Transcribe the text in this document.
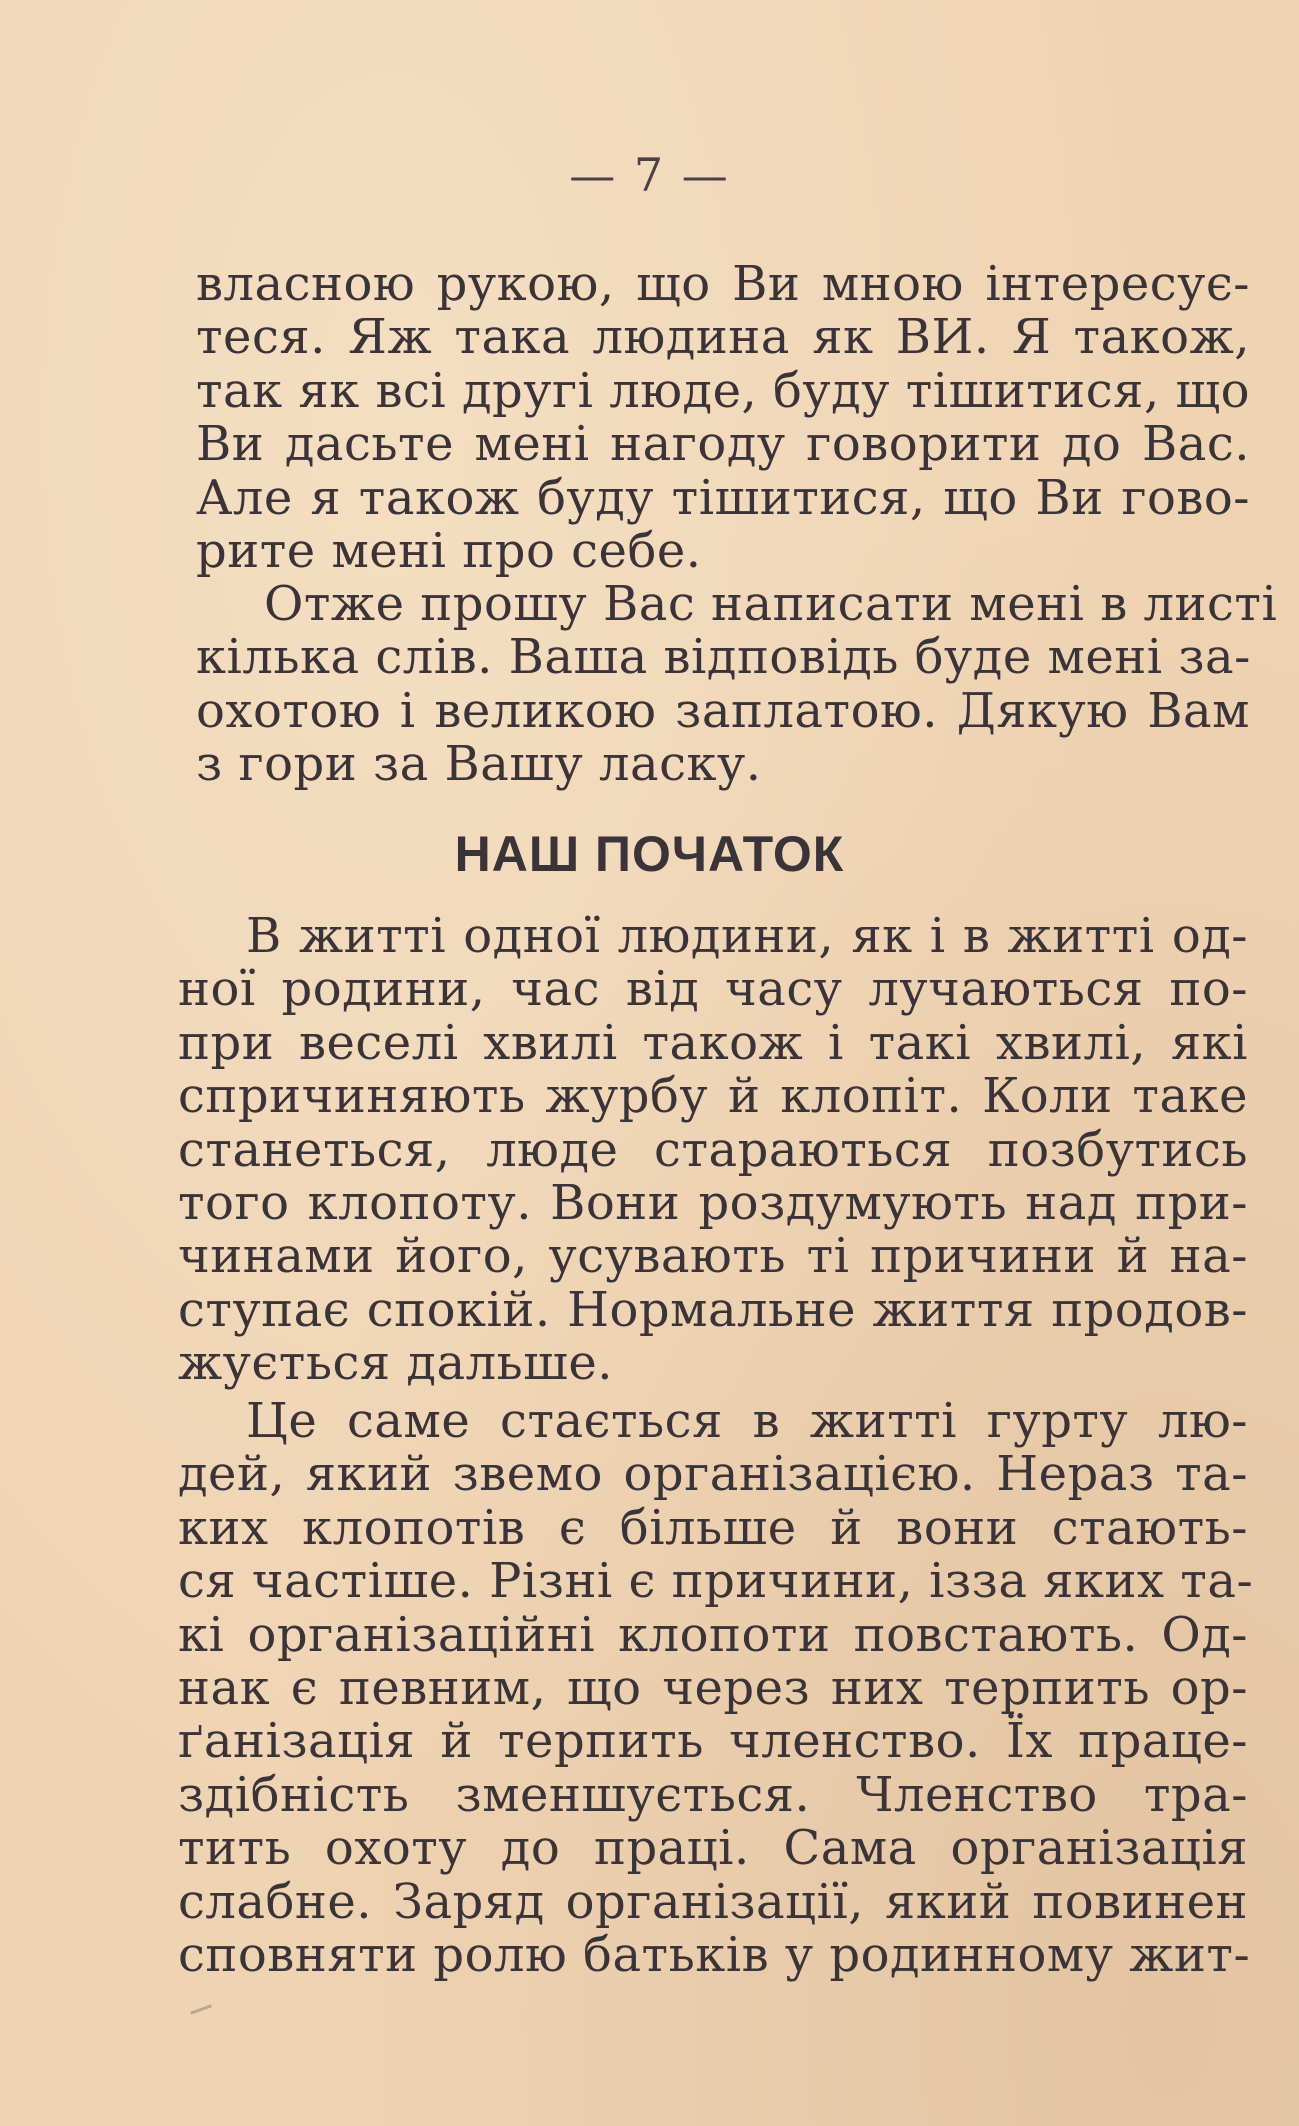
— 7 —
власною рукою, що Ви мною інтересує-
теся. Яж така людина як ВИ. Я також,
так як всі другі люде, буду тішитися, що
Ви дасьте мені нагоду говорити до Вас.
Але я також буду тішитися, що Ви гово-
рите мені про себе.
Отже прошу Вас написати мені в листі
кілька слів. Ваша відповідь буде мені за-
охотою і великою заплатою. Дякую Вам
з гори за Вашу ласку.
НАШ ПОЧАТОК
В житті одної людини, як і в житті од-
ної родини, час від часу лучаються по-
при веселі хвилі також і такі хвилі, які
спричиняють журбу й клопіт. Коли таке
станеться, люде стараються позбутись
того клопоту. Вони роздумують над при-
чинами його, усувають ті причини й на-
ступає спокій. Нормальне життя продов-
жується дальше.
Це саме стається в житті гурту лю-
дей, який звемо організацією. Нераз та-
ких клопотів є більше й вони стають-
ся частіше. Різні є причини, ізза яких та-
кі організаційні клопоти повстають. Од-
нак є певним, що через них терпить ор-
ґанізація й терпить членство. Їх праце-
здібність зменшується. Членство тра-
тить охоту до праці. Сама організація
слабне. Заряд організації, який повинен
сповняти ролю батьків у родинному жит-
